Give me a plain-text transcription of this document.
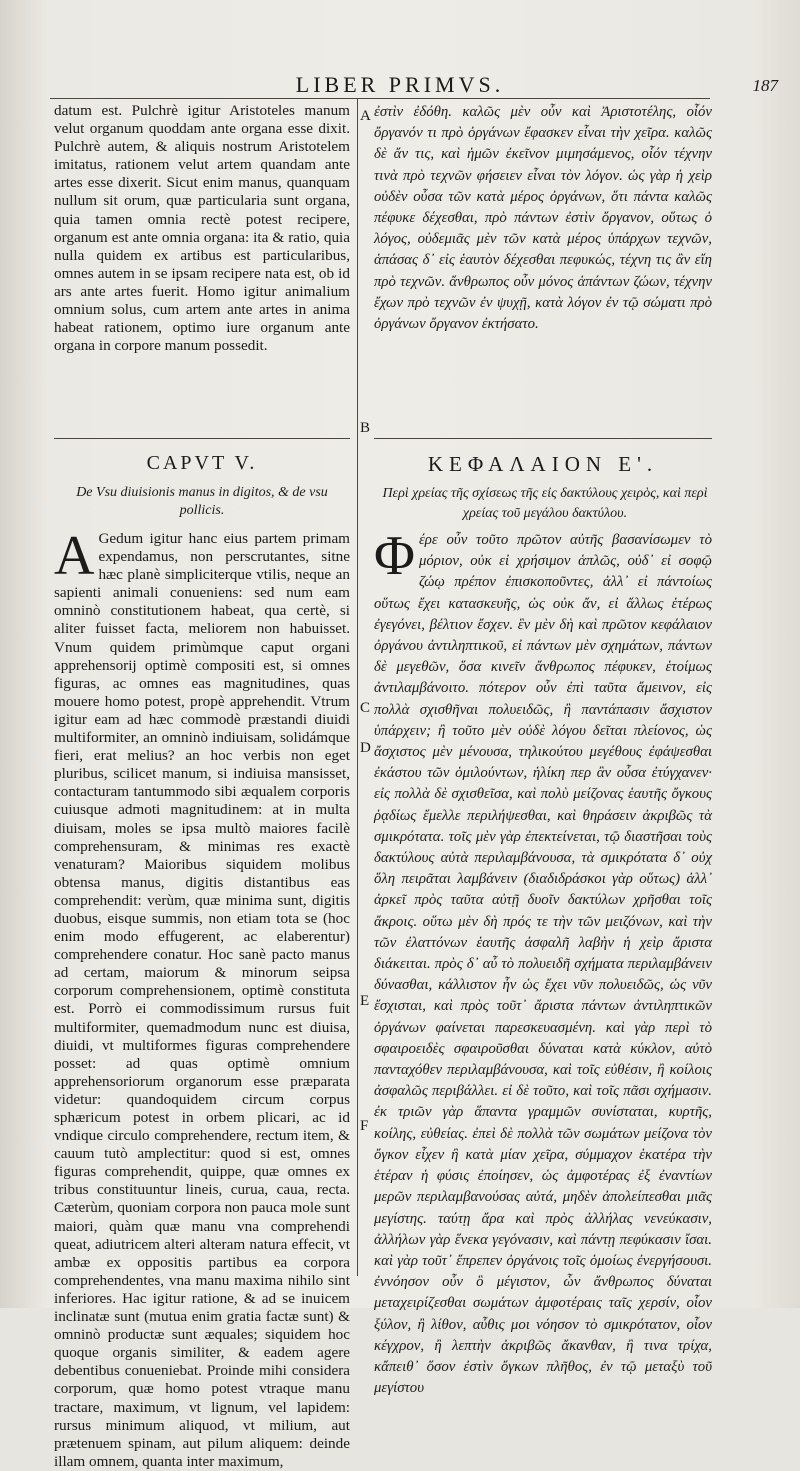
LIBER PRIMVS.	187

datum est. Pulchrè igitur Aristoteles manum velut organum quoddam ante organa esse dixit. Pulchrè autem, & aliquis nostrum Aristotelem imitatus, rationem velut artem quandam ante artes esse dixerit. Sicut enim manus, quanquam nullum sit orum, quæ particularia sunt organa, quia tamen omnia rectè potest recipere, organum est ante omnia organa: ita & ratio, quia nulla quidem ex artibus est particularibus, omnes autem in se ipsam recipere nata est, ob id ars ante artes fuerit. Homo igitur animalium omnium solus, cum artem ante artes in anima habeat rationem, optimo iure organum ante organa in corpore manum possedit.

ἐστὶν ἐδόθη. καλῶς μὲν οὖν καὶ Ἀριστοτέλης, οἷόν ὄργανόν τι πρὸ ὀργάνων ἔφασκεν εἶναι τὴν χεῖρα. καλῶς δὲ ἄν τις, καὶ ἡμῶν ἐκεῖνον μιμησάμενος, οἷόν τέχνην τινὰ πρὸ τεχνῶν φήσειεν εἶναι τὸν λόγον. ὡς γὰρ ἡ χεὶρ οὐδὲν οὖσα τῶν κατὰ μέρος ὀργάνων, ὅτι πάντα καλῶς πέφυκε δέχεσθαι, πρὸ πάντων ἐστὶν ὄργανον, οὕτως ὁ λόγος, οὐδεμιᾶς μὲν τῶν κατὰ μέρος ὑπάρχων τεχνῶν, ἁπάσας δ᾽ εἰς ἑαυτὸν δέχεσθαι πεφυκώς, τέχνη τις ἂν εἴη πρὸ τεχνῶν. ἄνθρωπος οὖν μόνος ἁπάντων ζώων, τέχνην ἔχων πρὸ τεχνῶν ἐν ψυχῇ, κατὰ λόγον ἐν τῷ σώματι πρὸ ὀργάνων ὄργανον ἐκτήσατο.

CAPVT V.	ΚΕΦΑΛΑΙΟΝ Ε'.
De Vsu diuisionis manus in digitos, & de vsu pollicis.
Περὶ χρείας τῆς σχίσεως τῆς εἰς δακτύλους χειρὸς, καὶ περὶ χρείας τοῦ μεγάλου δακτύλου.

A Gedum igitur hanc eius partem primam expendamus, non perscrutantes, sitne hæc planè simpliciterque vtilis, neque an sapienti animali conueniens: sed num eam omninò constitutionem habeat, qua certè, si aliter fuisset facta, meliorem non habuisset. Vnum quidem primùmque caput organi apprehensorij optimè compositi est, si omnes figuras, ac omnes eas magnitudines, quas mouere homo potest, propè apprehendit. Vtrum igitur eam ad hæc commodè præstandi diuidi multiformiter, an omninò indiuisam, solidámque fieri, erat melius? an hoc verbis non eget pluribus, scilicet manum, si indiuisa mansisset, contacturam tantummodo sibi æqualem corporis cuiusque admoti magnitudinem: at in multa diuisam, moles se ipsa multò maiores facilè comprehensuram, & minimas res exactè venaturam? Maioribus siquidem molibus obtensa manus, digitis distantibus eas comprehendit: verùm, quæ minima sunt, digitis duobus, eisque summis, non etiam tota se (hoc enim modo effugerent, ac elaberentur) comprehendere conatur. Hoc sanè pacto manus ad certam, maiorum & minorum seipsa corporum comprehensionem, optimè constituta est. Porrò ei commodissimum rursus fuit multiformiter, quemadmodum nunc est diuisa, diuidi, vt multiformes figuras comprehendere posset: ad quas optimè omnium apprehensoriorum organorum esse præparata videtur: quandoquidem circum corpus sphæricum potest in orbem plicari, ac id vndique circulo comprehendere, rectum item, & cauum tutò amplectitur: quod si est, omnes figuras comprehendit, quippe, quæ omnes ex tribus constituuntur lineis, curua, caua, recta. Cæterùm, quoniam corpora non pauca mole sunt maiori, quàm quæ manu vna comprehendi queat, adiutricem alteri alteram natura effecit, vt ambæ ex oppositis partibus ea corpora comprehendentes, vna manu maxima nihilo sint inferiores. Hac igitur ratione, & ad se inuicem inclinatæ sunt (mutua enim gratia factæ sunt) & omninò productæ sunt æquales; siquidem hoc quoque organis similiter, & eadem agere debentibus conueniebat. Proinde mihi considera corporum, quæ homo potest vtraque manu tractare, maximum, vt lignum, vel lapidem: rursus minimum aliquod, vt milium, aut prætenuem spinam, aut pilum aliquem: deinde illam omnem, quanta inter maximum,

Φ έρε οὖν τοῦτο πρῶτον αὐτῆς βασανίσωμεν τὸ μόριον, οὐκ εἰ χρήσιμον ἁπλῶς, οὐδ᾽ εἰ σοφῷ ζώῳ πρέπον ἐπισκοποῦντες, ἀλλ᾽ εἰ πάντοίως οὕτως ἔχει κατασκευῆς, ὡς οὐκ ἄν, εἰ ἄλλως ἑτέρως ἐγεγόνει, βέλτιον ἔσχεν. ἓν μὲν δὴ καὶ πρῶτον κεφάλαιον ὀργάνου ἀντιληπτικοῦ, εἰ πάντων μὲν σχημάτων, πάντων δὲ μεγεθῶν, ὅσα κινεῖν ἄνθρωπος πέφυκεν, ἑτοίμως ἀντιλαμβάνοιτο. πότερον οὖν ἐπὶ ταῦτα ἄμεινον, εἰς πολλὰ σχισθῆναι πολυειδῶς, ἢ παντάπασιν ἄσχιστον ὑπάρχειν; ἢ τοῦτο μὲν οὐδὲ λόγου δεῖται πλείονος, ὡς ἄσχιστος μὲν μένουσα, τηλικούτου μεγέθους ἐφάψεσθαι ἐκάστου τῶν ὁμιλούντων, ἡλίκη περ ἂν οὖσα ἐτύγχανεν· εἰς πολλὰ δὲ σχισθεῖσα, καὶ πολὺ μείζονας ἑαυτῆς ὄγκους ῥᾳδίως ἔμελλε περιλήψεσθαι, καὶ θηράσειν ἀκριβῶς τὰ σμικρότατα. τοῖς μὲν γὰρ ἐπεκτείνεται, τῷ διαστῆσαι τοὺς δακτύλους αὐτὰ περιλαμβάνουσα, τὰ σμικρότατα δ᾽ οὐχ ὅλη πειρᾶται λαμβάνειν (διαδιδράσκοι γὰρ οὕτως) ἀλλ᾽ ἀρκεῖ πρὸς ταῦτα αὐτῇ δυοῖν δακτύλων χρῆσθαι τοῖς ἄκροις. οὕτω μὲν δὴ πρός τε τὴν τῶν μειζόνων, καὶ τὴν τῶν ἐλαττόνων ἑαυτῆς ἀσφαλῆ λαβὴν ἡ χεὶρ ἄριστα διάκειται. πρὸς δ᾽ αὖ τὸ πολυειδῆ σχήματα περιλαμβάνειν δύνασθαι, κάλλιστον ἦν ὡς ἔχει νῦν πολυειδῶς, ὡς νῦν ἔσχισται, καὶ πρὸς τοῦτ᾽ ἄριστα πάντων ἀντιληπτικῶν ὀργάνων φαίνεται παρεσκευασμένη. καὶ γὰρ περὶ τὸ σφαιροειδὲς σφαιροῦσθαι δύναται κατὰ κύκλον, αὐτὸ πανταχόθεν περιλαμβάνουσα, καὶ τοῖς εὐθέσιν, ἢ κοίλοις ἀσφαλῶς περιβάλλει. εἰ δὲ τοῦτο, καὶ τοῖς πᾶσι σχήμασιν. ἐκ τριῶν γὰρ ἅπαντα γραμμῶν συνίσταται, κυρτῆς, κοίλης, εὐθείας. ἐπεὶ δὲ πολλὰ τῶν σωμάτων μείζονα τὸν ὄγκον εἶχεν ἢ κατὰ μίαν χεῖρα, σύμμαχον ἑκατέρα τὴν ἑτέραν ἡ φύσις ἐποίησεν, ὡς ἀμφοτέρας ἐξ ἐναντίων μερῶν περιλαμβανούσας αὐτά, μηδὲν ἀπολείπεσθαι μιᾶς μεγίστης. ταύτῃ ἄρα καὶ πρὸς ἀλλήλας νενεύκασιν, ἀλλήλων γὰρ ἕνεκα γεγόνασιν, καὶ πάντῃ πεφύκασιν ἴσαι. καὶ γὰρ τοῦτ᾽ ἔπρεπεν ὀργάνοις τοῖς ὁμοίως ἐνεργήσουσι. ἐννόησον οὖν ὃ μέγιστον, ὧν ἄνθρωπος δύναται μεταχειρίζεσθαι σωμάτων ἀμφοτέραις ταῖς χερσίν, οἷον ξύλον, ἢ λίθον, αὖθις μοι νόησον τὸ σμικρότατον, οἷον κέγχρον, ἢ λεπτὴν ἀκριβῶς ἄκανθαν, ἢ τινα τρίχα, κἄπειθ᾽ ὅσον ἐστὶν ὄγκων πλῆθος, ἐν τῷ μεταξὺ τοῦ μεγίστου

A
B
C
D
E
F
